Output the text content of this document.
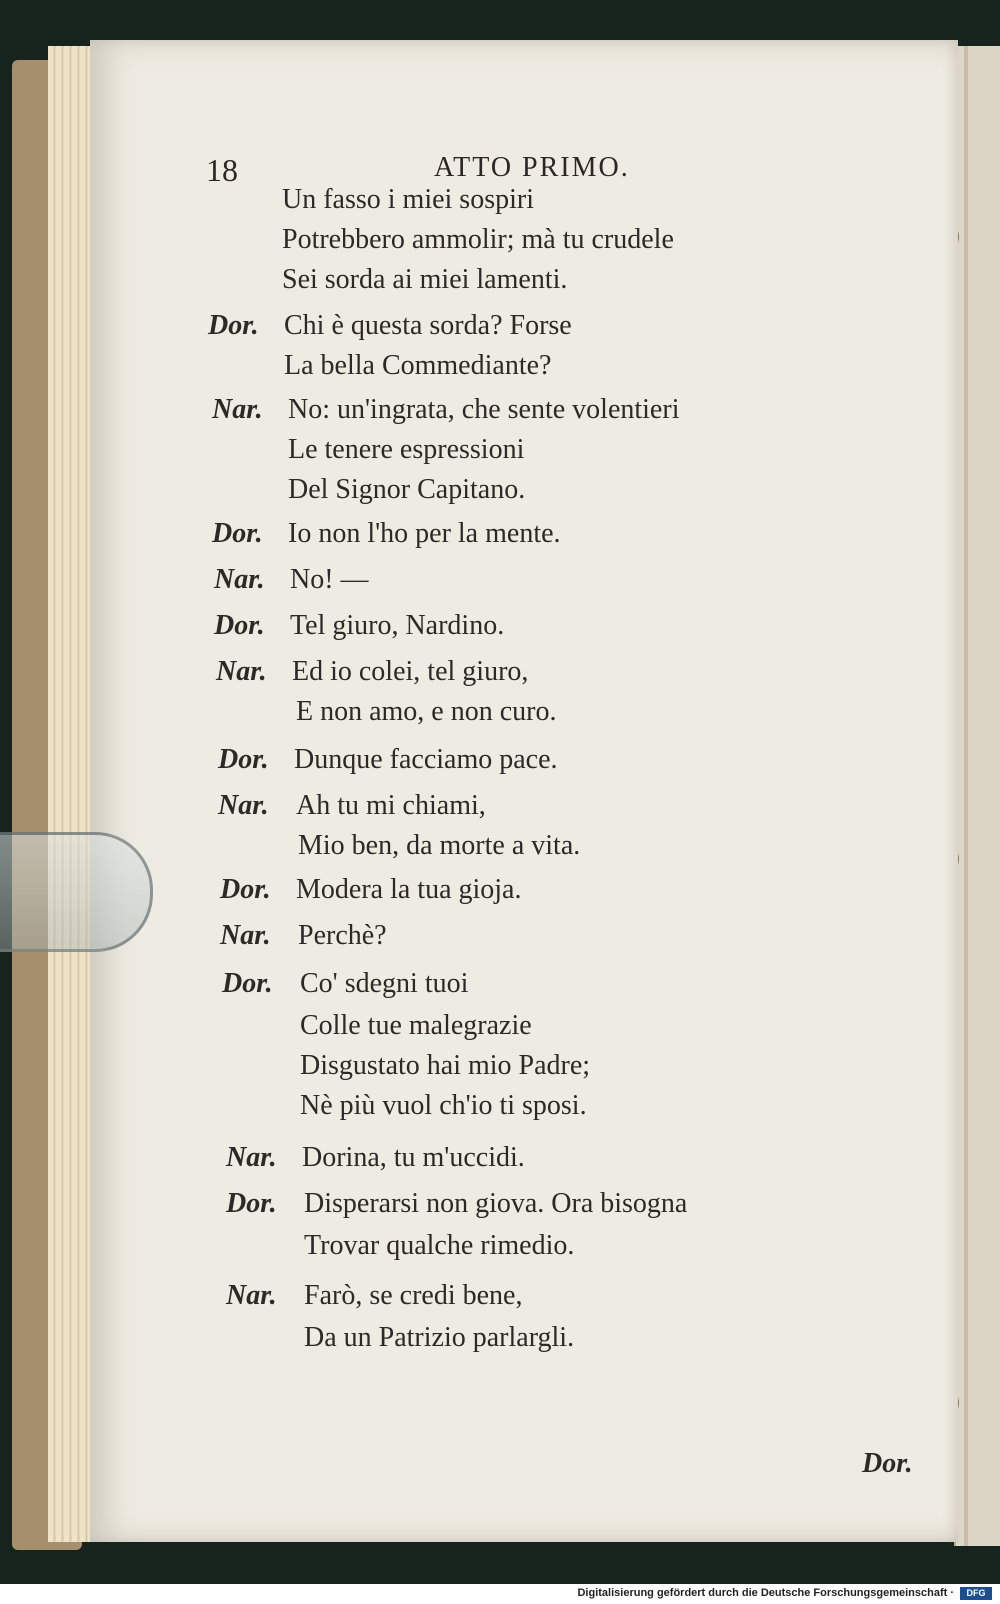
18	ATTO PRIMO.
Un fasso i miei sospiri
Potrebbero ammolir; mà tu crudele
Sei sorda ai miei lamenti.
Dor. Chi è questa sorda? Forse
La bella Commediante?
Nar. No: un'ingrata, che sente volentieri
Le tenere espressioni
Del Signor Capitano.
Dor. Io non l'ho per la mente.
Nar. No! —
Dor. Tel giuro, Nardino.
Nar. Ed io colei, tel giuro,
E non amo, e non curo.
Dor. Dunque facciamo pace.
Nar. Ah tu mi chiami,
Mio ben, da morte a vita.
Dor. Modera la tua gioja.
Nar. Perchè?
Dor. Co' sdegni tuoi
Colle tue malegrazie
Disgustato hai mio Padre;
Nè più vuol ch'io ti sposi.
Nar. Dorina, tu m'uccidi.
Dor. Disperarsi non giova. Ora bisogna
Trovar qualche rimedio.
Nar. Farò, se credi bene,
Da un Patrizio parlargli.
Dor.
Digitalisierung gefördert durch die Deutsche Forschungsgemeinschaft ·	DFG
